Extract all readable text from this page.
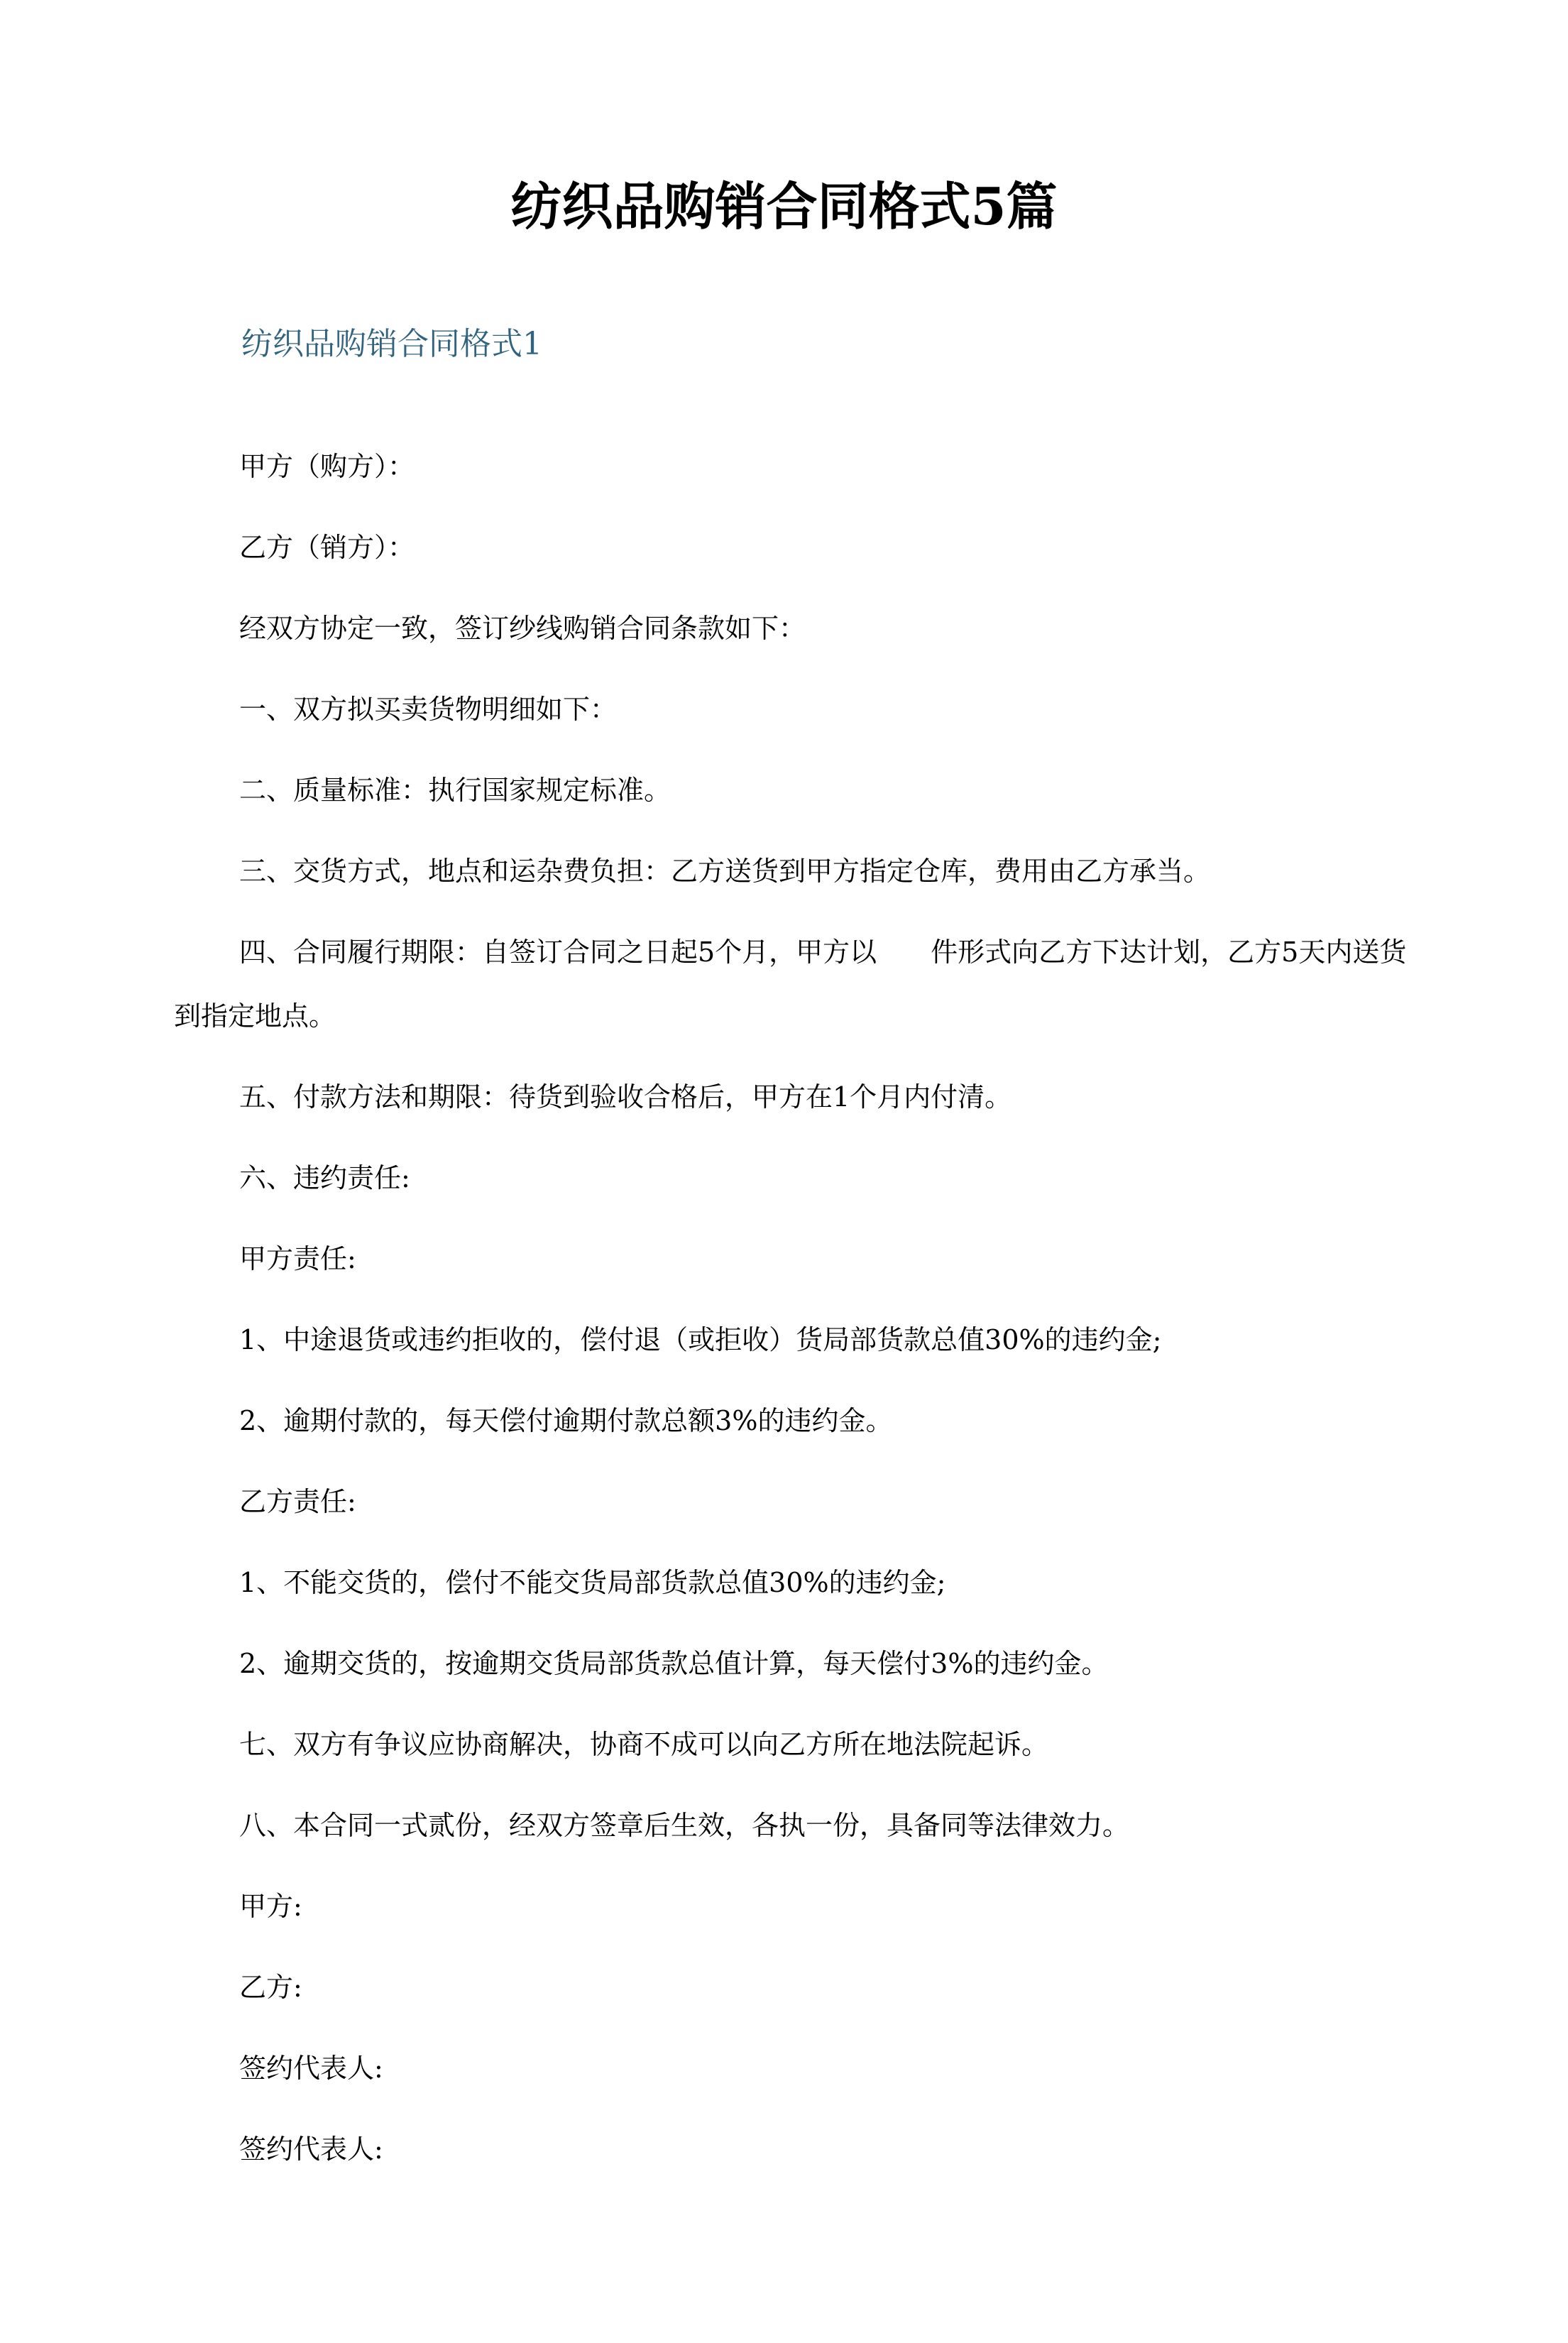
纺织品购销合同格式5篇
纺织品购销合同格式1

甲方（购方）：

乙方（销方）：

经双方协定一致，签订纱线购销合同条款如下：

一、双方拟买卖货物明细如下：

二、质量标准：执行国家规定标准。

三、交货方式，地点和运杂费负担：乙方送货到甲方指定仓库，费用由乙方承当。

四、合同履行期限：自签订合同之日起5个月，甲方以　　件形式向乙方下达计划，乙方5天内送货

到指定地点。

五、付款方法和期限：待货到验收合格后，甲方在1个月内付清。

六、违约责任:

甲方责任:

1、中途退货或违约拒收的，偿付退（或拒收）货局部货款总值30%的违约金;

2、逾期付款的，每天偿付逾期付款总额3%的违约金。

乙方责任:

1、不能交货的，偿付不能交货局部货款总值30%的违约金;

2、逾期交货的，按逾期交货局部货款总值计算，每天偿付3%的违约金。

七、双方有争议应协商解决，协商不成可以向乙方所在地法院起诉。

八、本合同一式贰份，经双方签章后生效，各执一份，具备同等法律效力。

甲方:

乙方:

签约代表人:

签约代表人:
